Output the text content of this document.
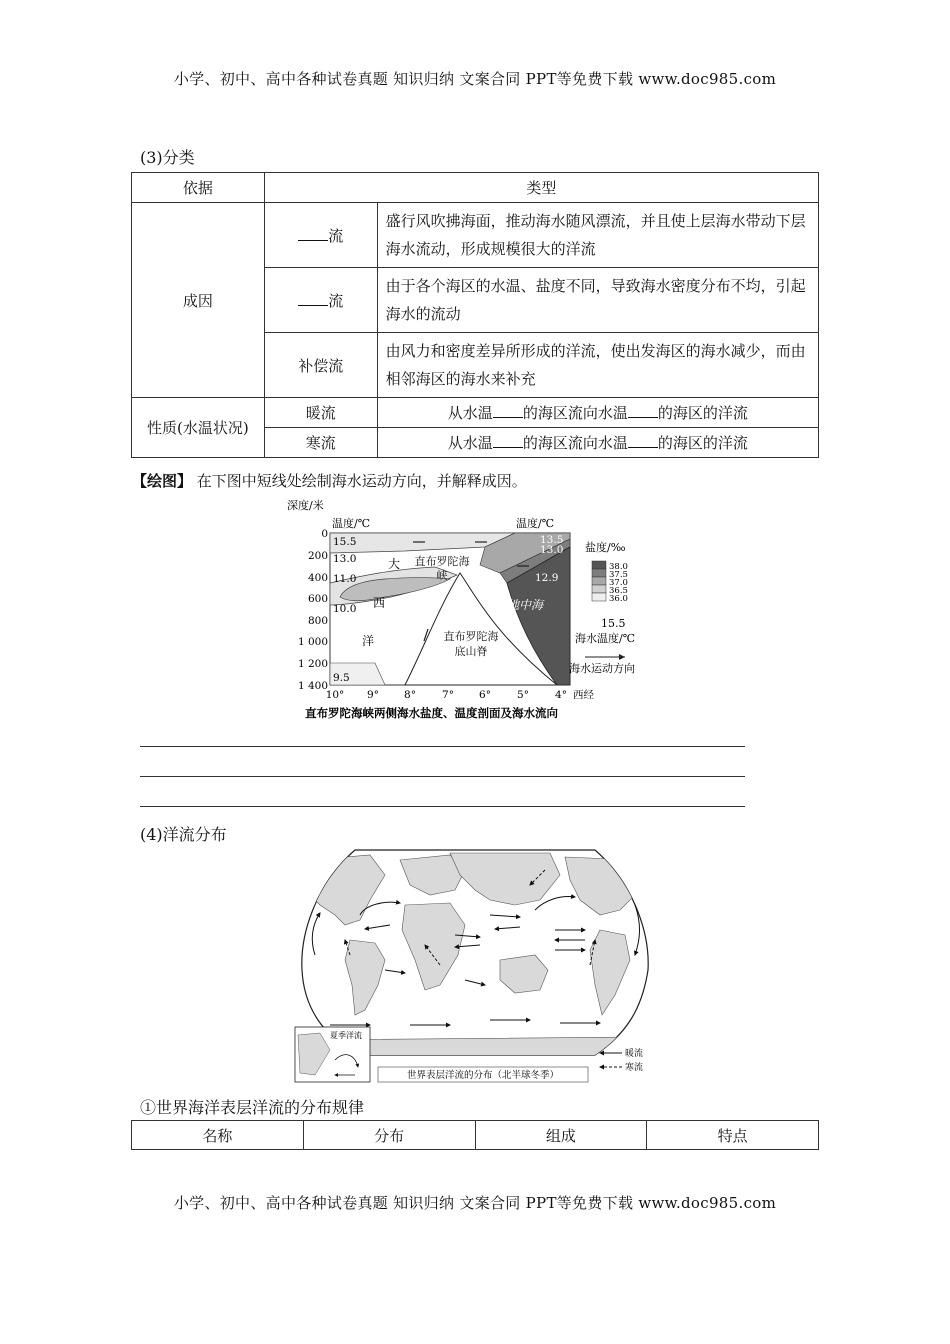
小学、初中、高中各种试卷真题 知识归纳 文案合同 PPT等免费下载 www.doc985.com
(3)分类
依据	类型	
成因	流	盛行风吹拂海面，推动海水随风漂流，并且使上层海水带动下层海水流动，形成规模很大的洋流
	流	由于各个海区的水温、盐度不同，导致海水密度分布不均，引起海水的流动
	补偿流	由风力和密度差异所形成的洋流，使出发海区的海水减少，而由相邻海区的海水来补充
性质(水温状况)	暖流	从水温 的海区流向水温 的海区的洋流
	寒流	从水温 的海区流向水温 的海区的洋流
【绘图】 在下图中短线处绘制海水运动方向，并解释成因。
深度/米
温度/℃	温度/℃
0
200
400
600
800
1 000
1 200
1 400
10° 9° 8° 7° 6° 5° 4° 西经
15.5
13.0
11.0
10.0
9.5
13.5
13.0
12.9
大
西
洋
直布罗陀海峡
直布罗陀海底山脊
地中海
盐度/‰
38.0
37.5
37.0
36.5
36.0
15.5
海水温度/℃
海水运动方向
直布罗陀海峡两侧海水盐度、温度剖面及海水流向
(4)洋流分布
夏季洋流
世界表层洋流的分布（北半球冬季）
暖流
寒流
①世界海洋表层洋流的分布规律
名称	分布	组成	特点
小学、初中、高中各种试卷真题 知识归纳 文案合同 PPT等免费下载 www.doc985.com
